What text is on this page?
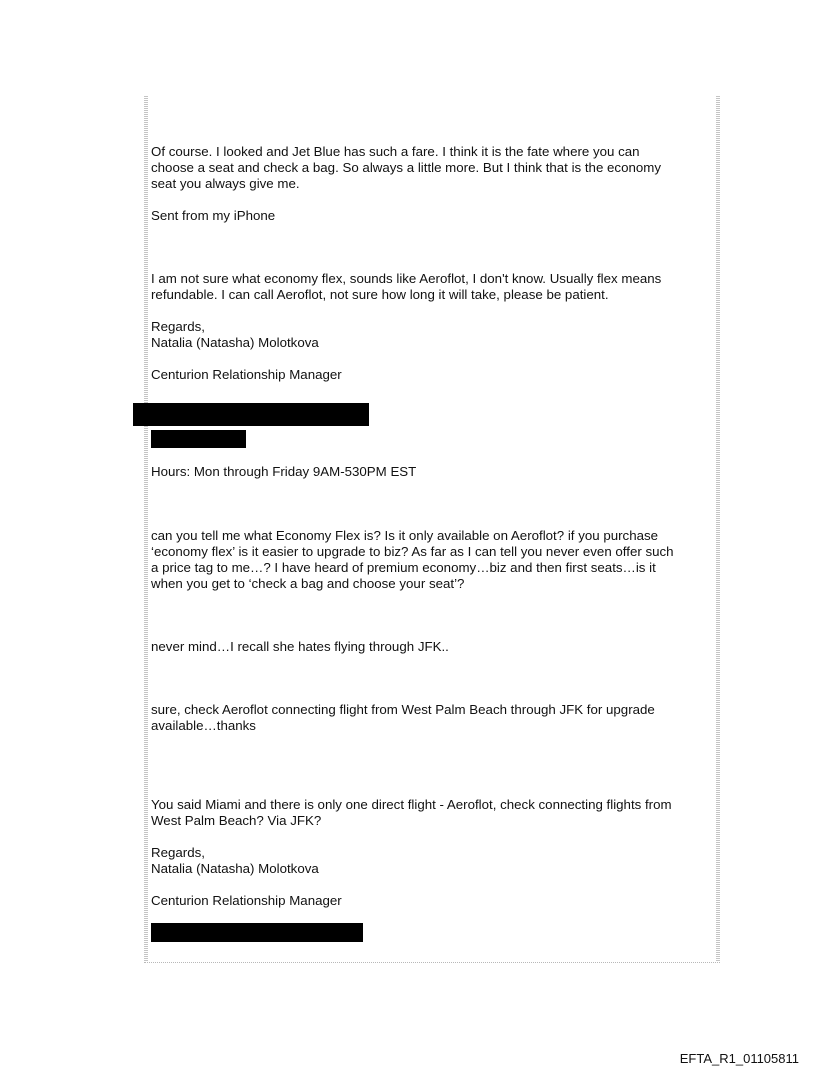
Of course. I looked and Jet Blue has such a fare. I think it is the fate where you can
choose a seat and check a bag. So always a little more. But I think that is the economy
seat you always give me.
Sent from my iPhone
I am not sure what economy flex, sounds like Aeroflot, I don't know. Usually flex means
refundable. I can call Aeroflot, not sure how long it will take, please be patient.
Regards,
Natalia (Natasha) Molotkova
Centurion Relationship Manager
Hours: Mon through Friday 9AM-530PM EST
can you tell me what Economy Flex is? Is it only available on Aeroflot? if you purchase
‘economy flex’ is it easier to upgrade to biz? As far as I can tell you never even offer such
a price tag to me…? I have heard of premium economy…biz and then first seats…is it
when you get to ‘check a bag and choose your seat’?
never mind…I recall she hates flying through JFK..
sure, check Aeroflot connecting flight from West Palm Beach through JFK for upgrade
available…thanks
You said Miami and there is only one direct flight - Aeroflot, check connecting flights from
West Palm Beach? Via JFK?
Regards,
Natalia (Natasha) Molotkova
Centurion Relationship Manager
EFTA_R1_01105811
